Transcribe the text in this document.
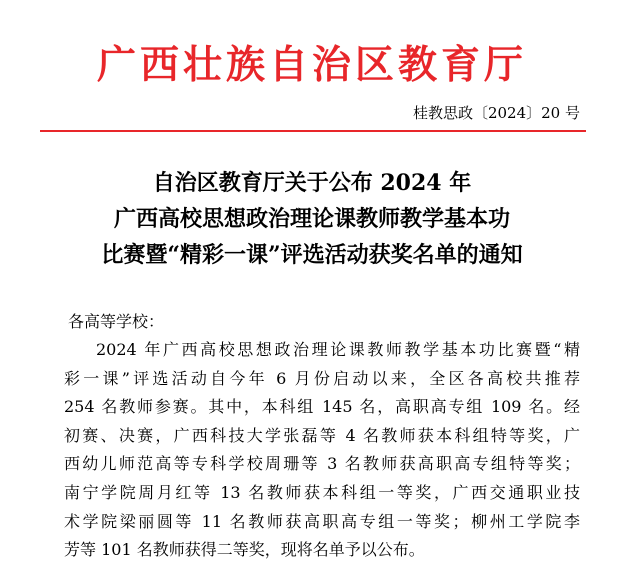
广西壮族自治区教育厅
桂教思政〔2024〕20 号
自治区教育厅关于公布 2024 年
广西高校思想政治理论课教师教学基本功
比赛暨“精彩一课”评选活动获奖名单的通知
各高等学校：
2024 年广西高校思想政治理论课教师教学基本功比赛暨“精
彩一课”评选活动自今年 6 月份启动以来，全区各高校共推荐
254 名教师参赛。其中，本科组 145 名，高职高专组 109 名。经
初赛、决赛，广西科技大学张磊等 4 名教师获本科组特等奖，广
西幼儿师范高等专科学校周珊等 3 名教师获高职高专组特等奖；
南宁学院周月红等 13 名教师获本科组一等奖，广西交通职业技
术学院梁丽圆等 11 名教师获高职高专组一等奖；柳州工学院李
芳等 101 名教师获得二等奖，现将名单予以公布。
